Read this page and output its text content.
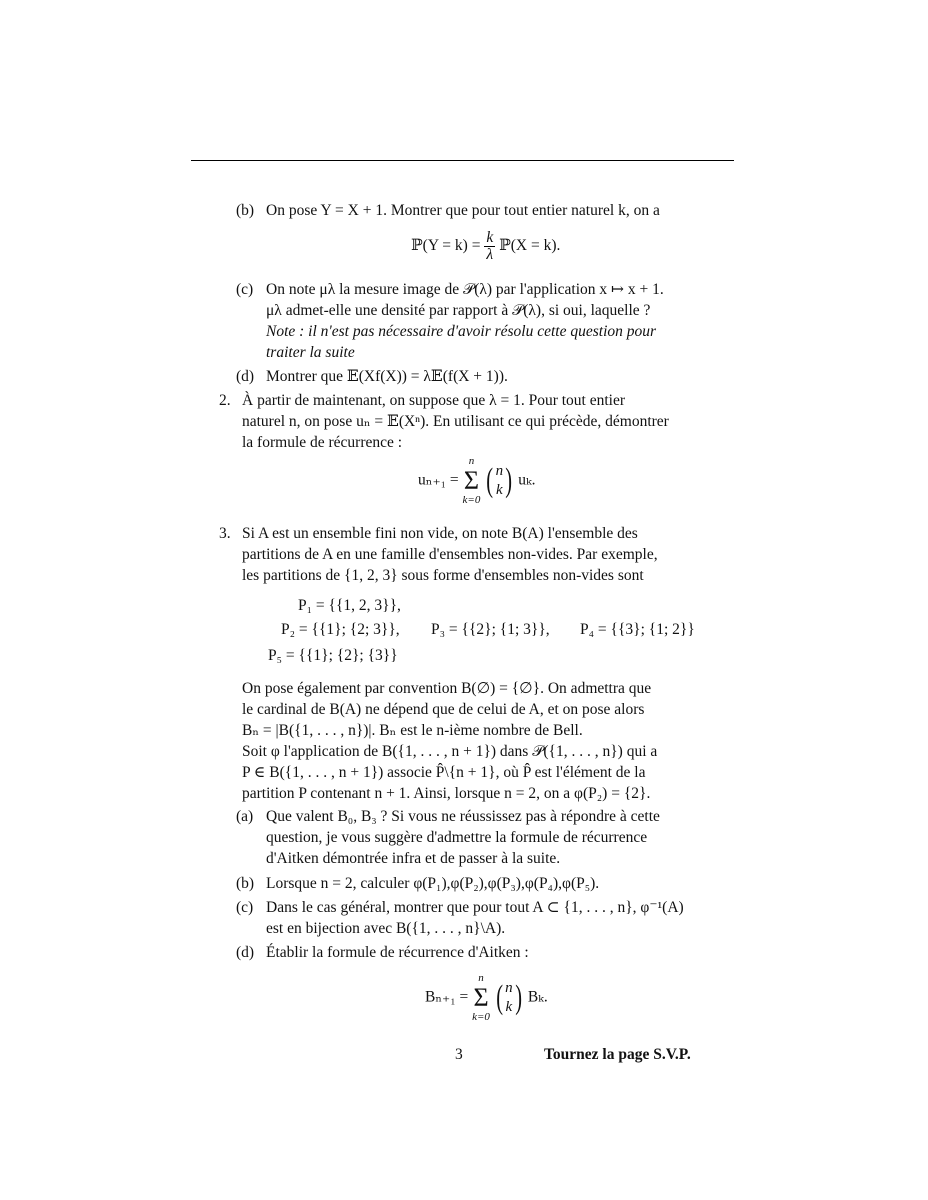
(b) On pose Y = X + 1. Montrer que pour tout entier naturel k, on a
ℙ(Y = $k) = \frac{k}{\lambda}$ ℙ(X = k).
(c) On note μλ la mesure image de 𝒫(λ) par l'application x ↦ x + 1.
μλ admet-elle une densité par rapport à 𝒫(λ), si oui, laquelle ?
Note : il n'est pas nécessaire d'avoir résolu cette question pour
traiter la suite
(d) Montrer que 𝔼(Xf(X)) = λ𝔼(f(X + 1)).
2. À partir de maintenant, on suppose que λ = 1. Pour tout entier
naturel n, on pose uₙ = 𝔼(Xⁿ). En utilisant ce qui précède, démontrer
la formule de récurrence :
uₙ₊₁ =
n
Σ
k=0
( n
k ) uₖ.
3. Si A est un ensemble fini non vide, on note B(A) l'ensemble des
partitions de A en une famille d'ensembles non-vides. Par exemple,
les partitions de {1, 2, 3} sous forme d'ensembles non-vides sont
P₁ = {{1, 2, 3}},
P₂ = {{1}; {2; 3}}, P₃ = {{2}; {1; 3}}, P₄ = {{3}; {1; 2}}
P₅ = {{1}; {2}; {3}}
On pose également par convention B(∅) = {∅}. On admettra que
le cardinal de B(A) ne dépend que de celui de A, et on pose alors
Bₙ = |B({1, . . . , n})|. Bₙ est le n-ième nombre de Bell.
Soit φ l'application de B({1, . . . , n + 1}) dans 𝒫({1, . . . , n}) qui a
P ∈ B({1, . . . , n + 1}) associe P̂\{n + 1}, où P̂ est l'élément de la
partition P contenant n + 1. Ainsi, lorsque n = 2, on a φ(P₂) = {2}.
(a) Que valent B₀, B₃ ? Si vous ne réussissez pas à répondre à cette
question, je vous suggère d'admettre la formule de récurrence
d'Aitken démontrée infra et de passer à la suite.
(b) Lorsque n = 2, calculer φ(P₁),φ(P₂),φ(P₃),φ(P₄),φ(P₅).
(c) Dans le cas général, montrer que pour tout A ⊂ {1, . . . , n}, φ⁻¹(A)
est en bijection avec B({1, . . . , n}\A).
(d) Établir la formule de récurrence d'Aitken :
Bₙ₊₁ =
n
Σ
k=0
( n
k ) Bₖ.
3	Tournez la page S.V.P.
